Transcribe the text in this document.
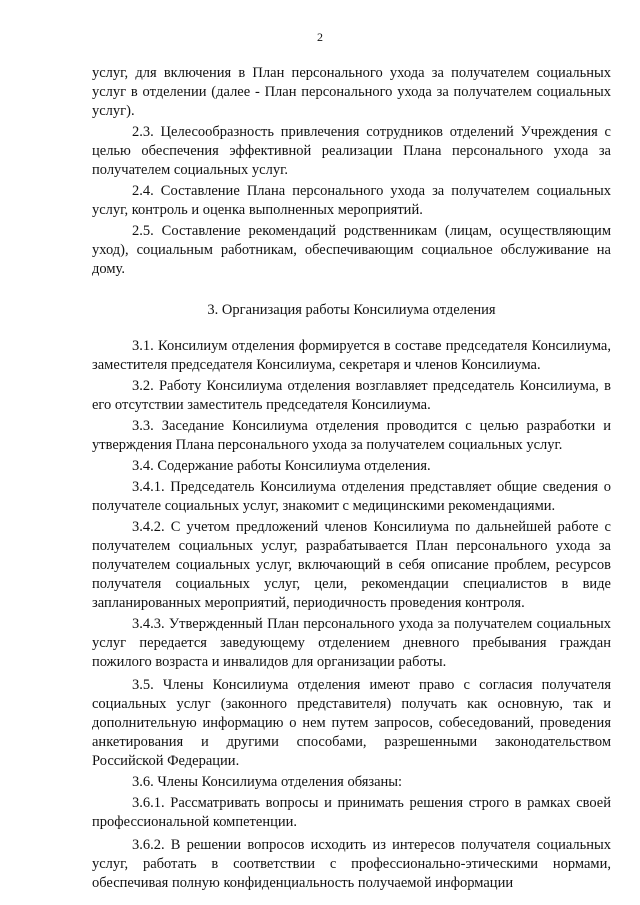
2

услуг, для включения в План персонального ухода за получателем социальных услуг в отделении (далее - План персонального ухода за получателем социальных услуг).

2.3. Целесообразность привлечения сотрудников отделений Учреждения с целью обеспечения эффективной реализации Плана персонального ухода за получателем социальных услуг.

2.4. Составление Плана персонального ухода за получателем социальных услуг, контроль и оценка выполненных мероприятий.

2.5. Составление рекомендаций родственникам (лицам, осуществляющим уход), социальным работникам, обеспечивающим социальное обслуживание на дому.

3. Организация работы Консилиума отделения

3.1. Консилиум отделения формируется в составе председателя Консилиума, заместителя председателя Консилиума, секретаря и членов Консилиума.

3.2. Работу Консилиума отделения возглавляет председатель Консилиума, в его отсутствии заместитель председателя Консилиума.

3.3. Заседание Консилиума отделения проводится с целью разработки и утверждения Плана персонального ухода за получателем социальных услуг.

3.4. Содержание работы Консилиума отделения.

3.4.1. Председатель Консилиума отделения представляет общие сведения о получателе социальных услуг, знакомит с медицинскими рекомендациями.

3.4.2. С учетом предложений членов Консилиума по дальнейшей работе с получателем социальных услуг, разрабатывается План персонального ухода за получателем социальных услуг, включающий в себя описание проблем, ресурсов получателя социальных услуг, цели, рекомендации специалистов в виде запланированных мероприятий, периодичность проведения контроля.

3.4.3. Утвержденный План персонального ухода за получателем социальных услуг передается заведующему отделением дневного пребывания граждан пожилого возраста и инвалидов для организации работы.

3.5. Члены Консилиума отделения имеют право с согласия получателя социальных услуг (законного представителя) получать как основную, так и дополнительную информацию о нем путем запросов, собеседований, проведения анкетирования и другими способами, разрешенными законодательством Российской Федерации.

3.6. Члены Консилиума отделения обязаны:

3.6.1. Рассматривать вопросы и принимать решения строго в рамках своей профессиональной компетенции.

3.6.2. В решении вопросов исходить из интересов получателя социальных услуг, работать в соответствии с профессионально-этическими нормами, обеспечивая полную конфиденциальность получаемой информации
